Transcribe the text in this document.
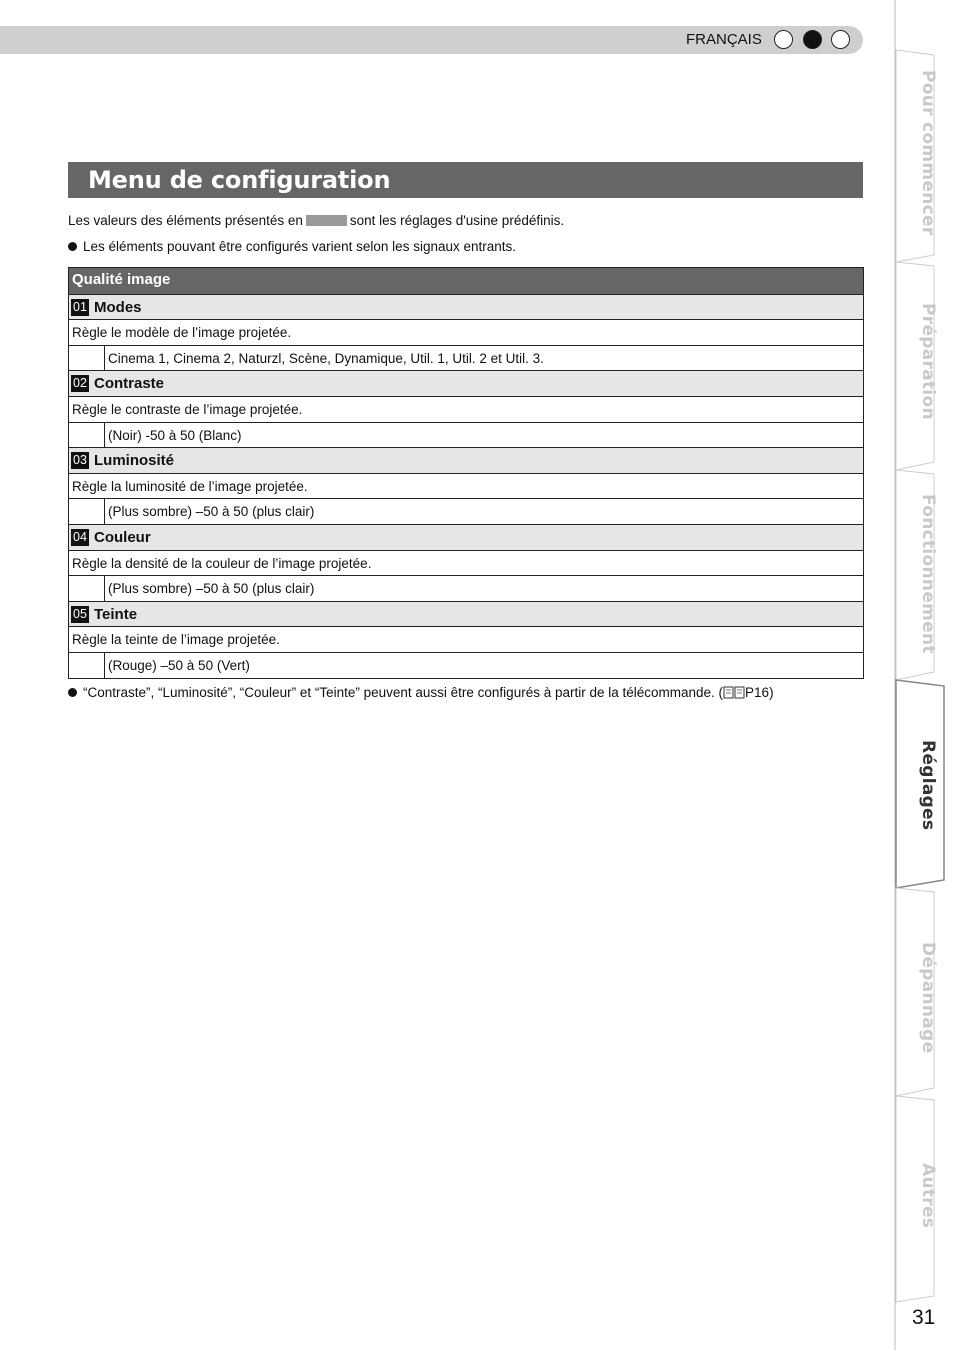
FRANÇAIS
Menu de configuration
Les valeurs des éléments présentés en	sont les réglages d'usine prédéfinis.
Les éléments pouvant être configurés varient selon les signaux entrants.
Qualité image
01 Modes
Règle le modèle de l’image projetée.
Cinema 1, Cinema 2, Naturzl, Scène, Dynamique, Util. 1, Util. 2 et Util. 3.
02 Contraste
Règle le contraste de l’image projetée.
(Noir) -50 à 50 (Blanc)
03 Luminosité
Règle la luminosité de l’image projetée.
(Plus sombre) –50 à 50 (plus clair)
04 Couleur
Règle la densité de la couleur de l’image projetée.
(Plus sombre) –50 à 50 (plus clair)
05 Teinte
Règle la teinte de l’image projetée.
(Rouge) –50 à 50 (Vert)
“Contraste”, “Luminosité”, “Couleur” et “Teinte” peuvent aussi être configurés à partir de la télécommande. ( P16)
Pour commencer
Préparation
Fonctionnement
Réglages
Dépannage
Autres
31
